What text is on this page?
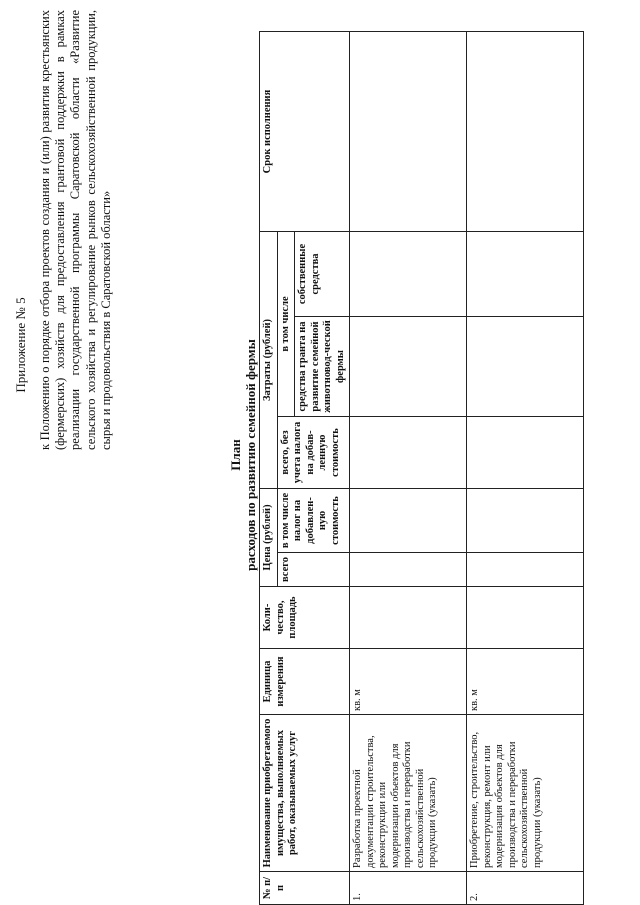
Приложение № 5 к Положению о порядке отбора проектов создания и (или) развития крестьянских (фермерских) хозяйств для предоставления грантовой поддержки в рамках реализации государственной программы Саратовской области «Развитие сельского хозяйства и регулирование рынков сельскохозяйственной продукции, сырья и продовольствия в Саратовской области»
План расходов по развитию семейной фермы
№ п/п	Наименование приобретаемого имущества, выполняемых работ, оказываемых услуг	Единица измерения	Коли-чество, площадь	Цена (рублей)		Затраты (рублей)			Срок исполнения
				всего	в том числе налог на добавлен-ную стоимость	всего, без учета налога на добав-ленную стоимость	в том числе		
							средства гранта на развитие семейной животновод-ческой фермы	собственные средства	
1.	Разработка проектной документации строительства, реконструкции или модернизации объектов для производства и переработки сельскохозяйственной продукции (указать)	кв. м							
2.	Приобретение, строительство, реконструкция, ремонт или модернизация объектов для производства и переработки сельскохозяйственной продукции (указать)	кв. м							
